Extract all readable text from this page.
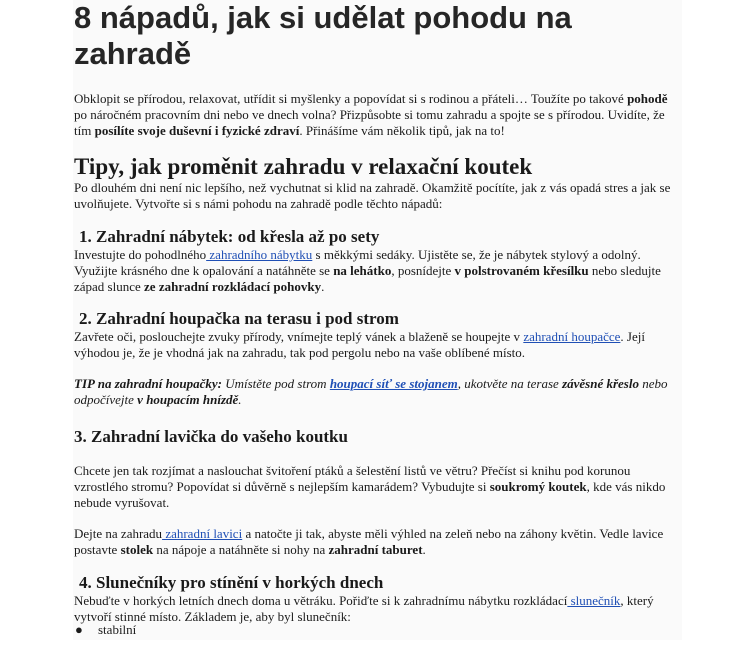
8 nápadů, jak si udělat pohodu na zahradě

Obklopit se přírodou, relaxovat, utřídit si myšlenky a popovídat si s rodinou a přáteli… Toužíte po takové pohodě po náročném pracovním dni nebo ve dnech volna? Přizpůsobte si tomu zahradu a spojte se s přírodou. Uvidíte, že tím posílíte svoje duševní i fyzické zdraví. Přinášíme vám několik tipů, jak na to!

Tipy, jak proměnit zahradu v relaxační koutek

Po dlouhém dni není nic lepšího, než vychutnat si klid na zahradě. Okamžitě pocítíte, jak z vás opadá stres a jak se uvolňujete. Vytvořte si s námi pohodu na zahradě podle těchto nápadů:

1. Zahradní nábytek: od křesla až po sety

Investujte do pohodlného zahradního nábytku s měkkými sedáky. Ujistěte se, že je nábytek stylový a odolný. Využijte krásného dne k opalování a natáhněte se na lehátko, posnídejte v polstrovaném křesílku nebo sledujte západ slunce ze zahradní rozkládací pohovky.

2. Zahradní houpačka na terasu i pod strom

Zavřete oči, poslouchejte zvuky přírody, vnímejte teplý vánek a blaženě se houpejte v zahradní houpačce. Její výhodou je, že je vhodná jak na zahradu, tak pod pergolu nebo na vaše oblíbené místo.

TIP na zahradní houpačky: Umístěte pod strom houpací síť se stojanem, ukotvěte na terase závěsné křeslo nebo odpočívejte v houpacím hnízdě.

3. Zahradní lavička do vašeho koutku

Chcete jen tak rozjímat a naslouchat švitoření ptáků a šelestění listů ve větru? Přečíst si knihu pod korunou vzrostlého stromu? Popovídat si důvěrně s nejlepším kamarádem? Vybudujte si soukromý koutek, kde vás nikdo nebude vyrušovat.

Dejte na zahradu zahradní lavici a natočte ji tak, abyste měli výhled na zeleň nebo na záhony květin. Vedle lavice postavte stolek na nápoje a natáhněte si nohy na zahradní taburet.

4. Slunečníky pro stínění v horkých dnech

Nebuďte v horkých letních dnech doma u větráku. Pořiďte si k zahradnímu nábytku rozkládací slunečník, který vytvoří stinné místo. Základem je, aby byl slunečník:

● stabilní
